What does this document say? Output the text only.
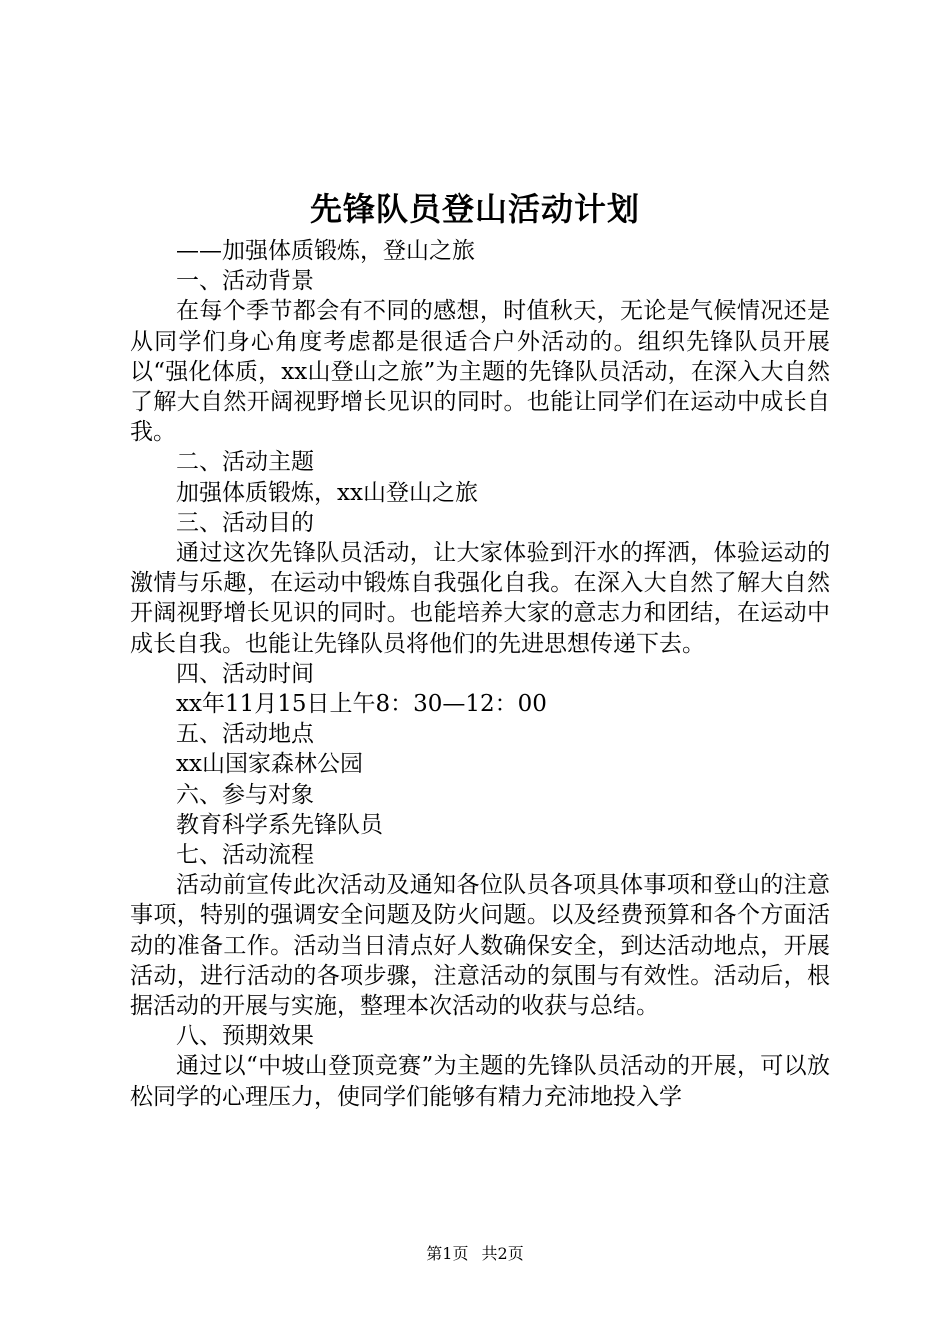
先锋队员登山活动计划
——加强体质锻炼，登山之旅
一、活动背景
在每个季节都会有不同的感想，时值秋天，无论是气候情况还是从同学们身心角度考虑都是很适合户外活动的。组织先锋队员开展以“强化体质，xx山登山之旅”为主题的先锋队员活动，在深入大自然了解大自然开阔视野增长见识的同时。也能让同学们在运动中成长自我。
二、活动主题
加强体质锻炼，xx山登山之旅
三、活动目的
通过这次先锋队员活动，让大家体验到汗水的挥洒，体验运动的激情与乐趣，在运动中锻炼自我强化自我。在深入大自然了解大自然开阔视野增长见识的同时。也能培养大家的意志力和团结，在运动中成长自我。也能让先锋队员将他们的先进思想传递下去。
四、活动时间
xx年11月15日上午8：30—12：00
五、活动地点
xx山国家森林公园
六、参与对象
教育科学系先锋队员
七、活动流程
活动前宣传此次活动及通知各位队员各项具体事项和登山的注意事项，特别的强调安全问题及防火问题。以及经费预算和各个方面活动的准备工作。活动当日清点好人数确保安全，到达活动地点，开展活动，进行活动的各项步骤，注意活动的氛围与有效性。活动后，根据活动的开展与实施，整理本次活动的收获与总结。
八、预期效果
通过以“中坡山登顶竞赛”为主题的先锋队员活动的开展，可以放松同学的心理压力，使同学们能够有精力充沛地投入学
第1页 共2页
